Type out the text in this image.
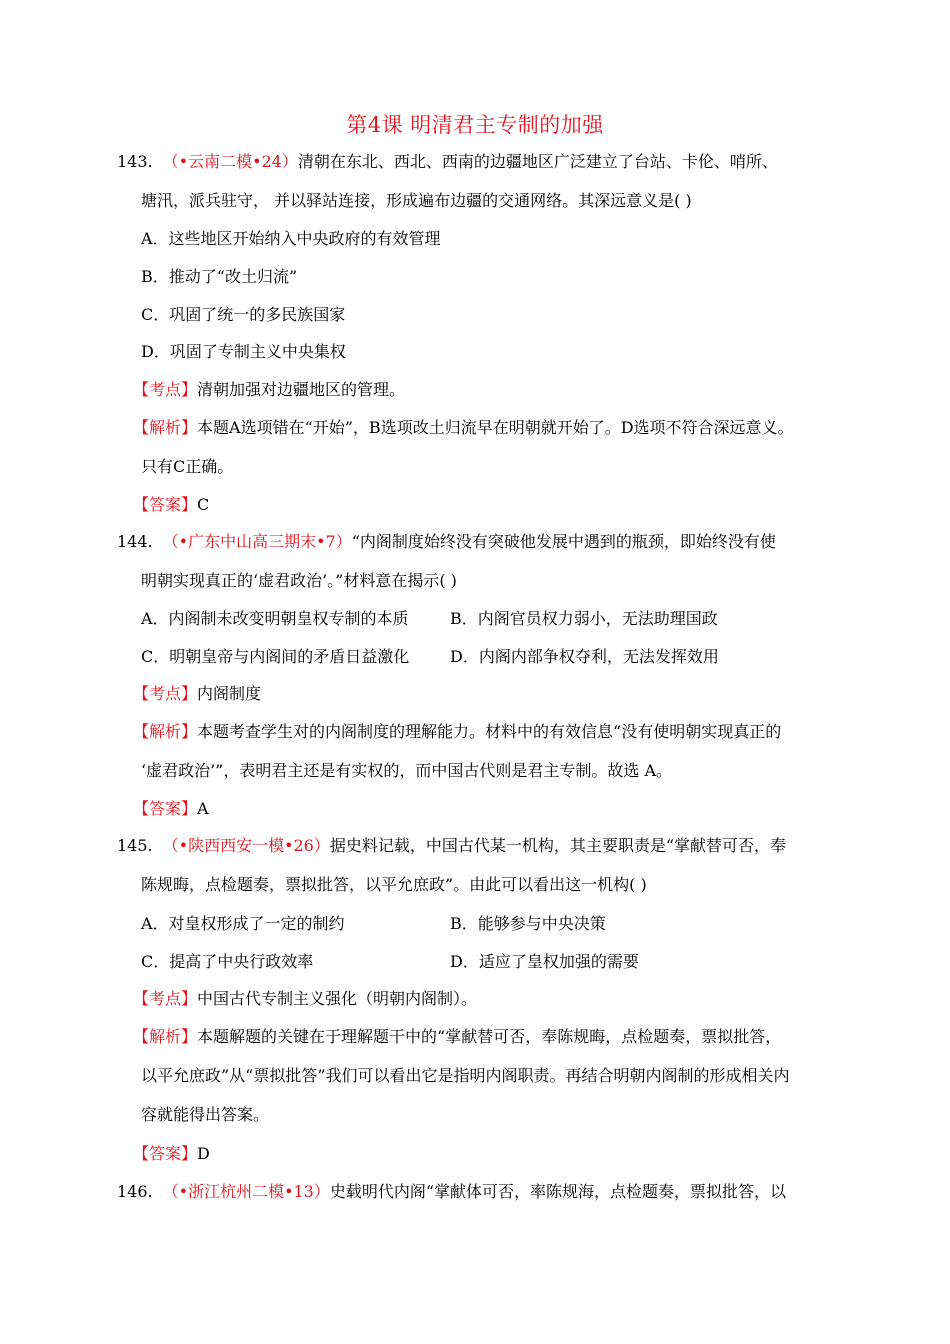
第4课 明清君主专制的加强
143. （•云南二模•24）清朝在东北、西北、西南的边疆地区广泛建立了台站、卡伦、哨所、
塘汛，派兵驻守， 并以驿站连接，形成遍布边疆的交通网络。其深远意义是( )
A．这些地区开始纳入中央政府的有效管理
B．推动了“改土归流”
C．巩固了统一的多民族国家
D．巩固了专制主义中央集权
【考点】清朝加强对边疆地区的管理。
【解析】本题A选项错在“开始”，B选项改土归流早在明朝就开始了。D选项不符合深远意义。
只有C正确。
【答案】C
144. （•广东中山高三期末•7）“内阁制度始终没有突破他发展中遇到的瓶颈，即始终没有使
明朝实现真正的‘虚君政治’。”材料意在揭示( )
A．内阁制未改变明朝皇权专制的本质	B．内阁官员权力弱小，无法助理国政
C．明朝皇帝与内阁间的矛盾日益激化	D．内阁内部争权夺利，无法发挥效用
【考点】内阁制度
【解析】本题考查学生对的内阁制度的理解能力。材料中的有效信息“没有使明朝实现真正的
‘虚君政治’”，表明君主还是有实权的，而中国古代则是君主专制。故选 A。
【答案】A
145. （•陕西西安一模•26）据史料记载，中国古代某一机构，其主要职责是“掌献替可否，奉
陈规晦，点检题奏，票拟批答，以平允庶政”。由此可以看出这一机构( )
A．对皇权形成了一定的制约	B．能够参与中央决策
C．提高了中央行政效率	D．适应了皇权加强的需要
【考点】中国古代专制主义强化（明朝内阁制）。
【解析】本题解题的关键在于理解题干中的“掌献替可否，奉陈规晦，点检题奏，票拟批答，
以平允庶政”从“票拟批答”我们可以看出它是指明内阁职责。再结合明朝内阁制的形成相关内
容就能得出答案。
【答案】D
146. （•浙江杭州二模•13）史载明代内阁“掌献体可否，率陈规海，点检题奏，票拟批答，以
